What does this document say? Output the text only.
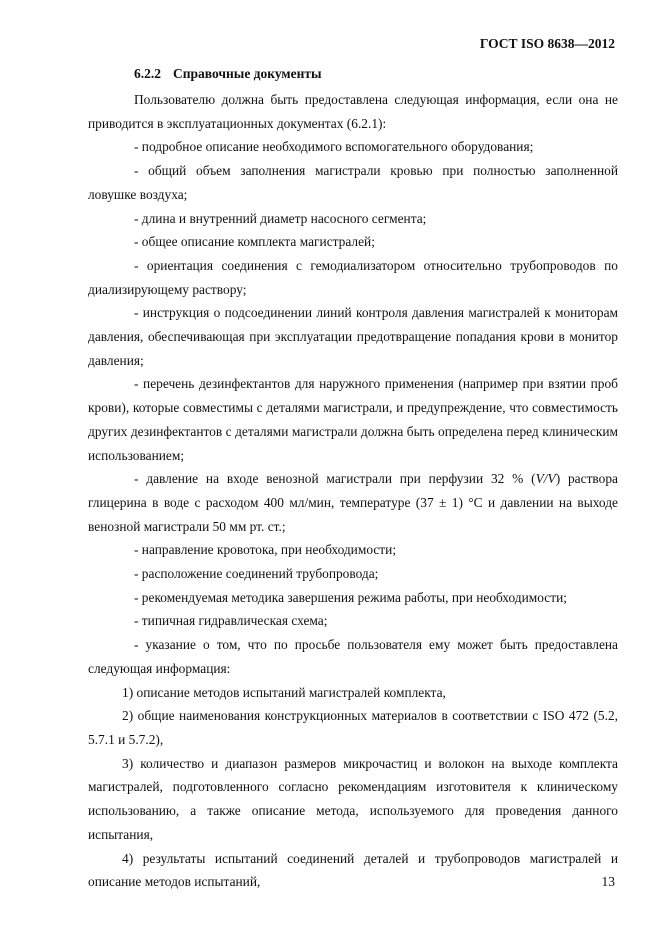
ГОСТ ISO 8638—2012
6.2.2 Справочные документы

Пользователю должна быть предоставлена следующая информация, если она не приводится в эксплуатационных документах (6.2.1):

- подробное описание необходимого вспомогательного оборудования;

- общий объем заполнения магистрали кровью при полностью заполненной ловушке воздуха;

- длина и внутренний диаметр насосного сегмента;

- общее описание комплекта магистралей;

- ориентация соединения с гемодиализатором относительно трубопроводов по диализирующему раствору;

- инструкция о подсоединении линий контроля давления магистралей к мониторам давления, обеспечивающая при эксплуатации предотвращение попадания крови в монитор давления;

- перечень дезинфектантов для наружного применения (например при взятии проб крови), которые совместимы с деталями магистрали, и предупреждение, что совместимость других дезинфектантов с деталями магистрали должна быть определена перед клиническим использованием;

- давление на входе венозной магистрали при перфузии 32 % (V/V) раствора глицерина в воде с расходом 400 мл/мин, температуре (37 ± 1) °С и давлении на выходе венозной магистрали 50 мм рт. ст.;

- направление кровотока, при необходимости;

- расположение соединений трубопровода;

- рекомендуемая методика завершения режима работы, при необходимости;

- типичная гидравлическая схема;

- указание о том, что по просьбе пользователя ему может быть предоставлена следующая информация:

1) описание методов испытаний магистралей комплекта,

2) общие наименования конструкционных материалов в соответствии с ISO 472 (5.2, 5.7.1 и 5.7.2),

3) количество и диапазон размеров микрочастиц и волокон на выходе комплекта магистралей, подготовленного согласно рекомендациям изготовителя к клиническому использованию, а также описание метода, используемого для проведения данного испытания,

4) результаты испытаний соединений деталей и трубопроводов магистралей и описание методов испытаний,	13
